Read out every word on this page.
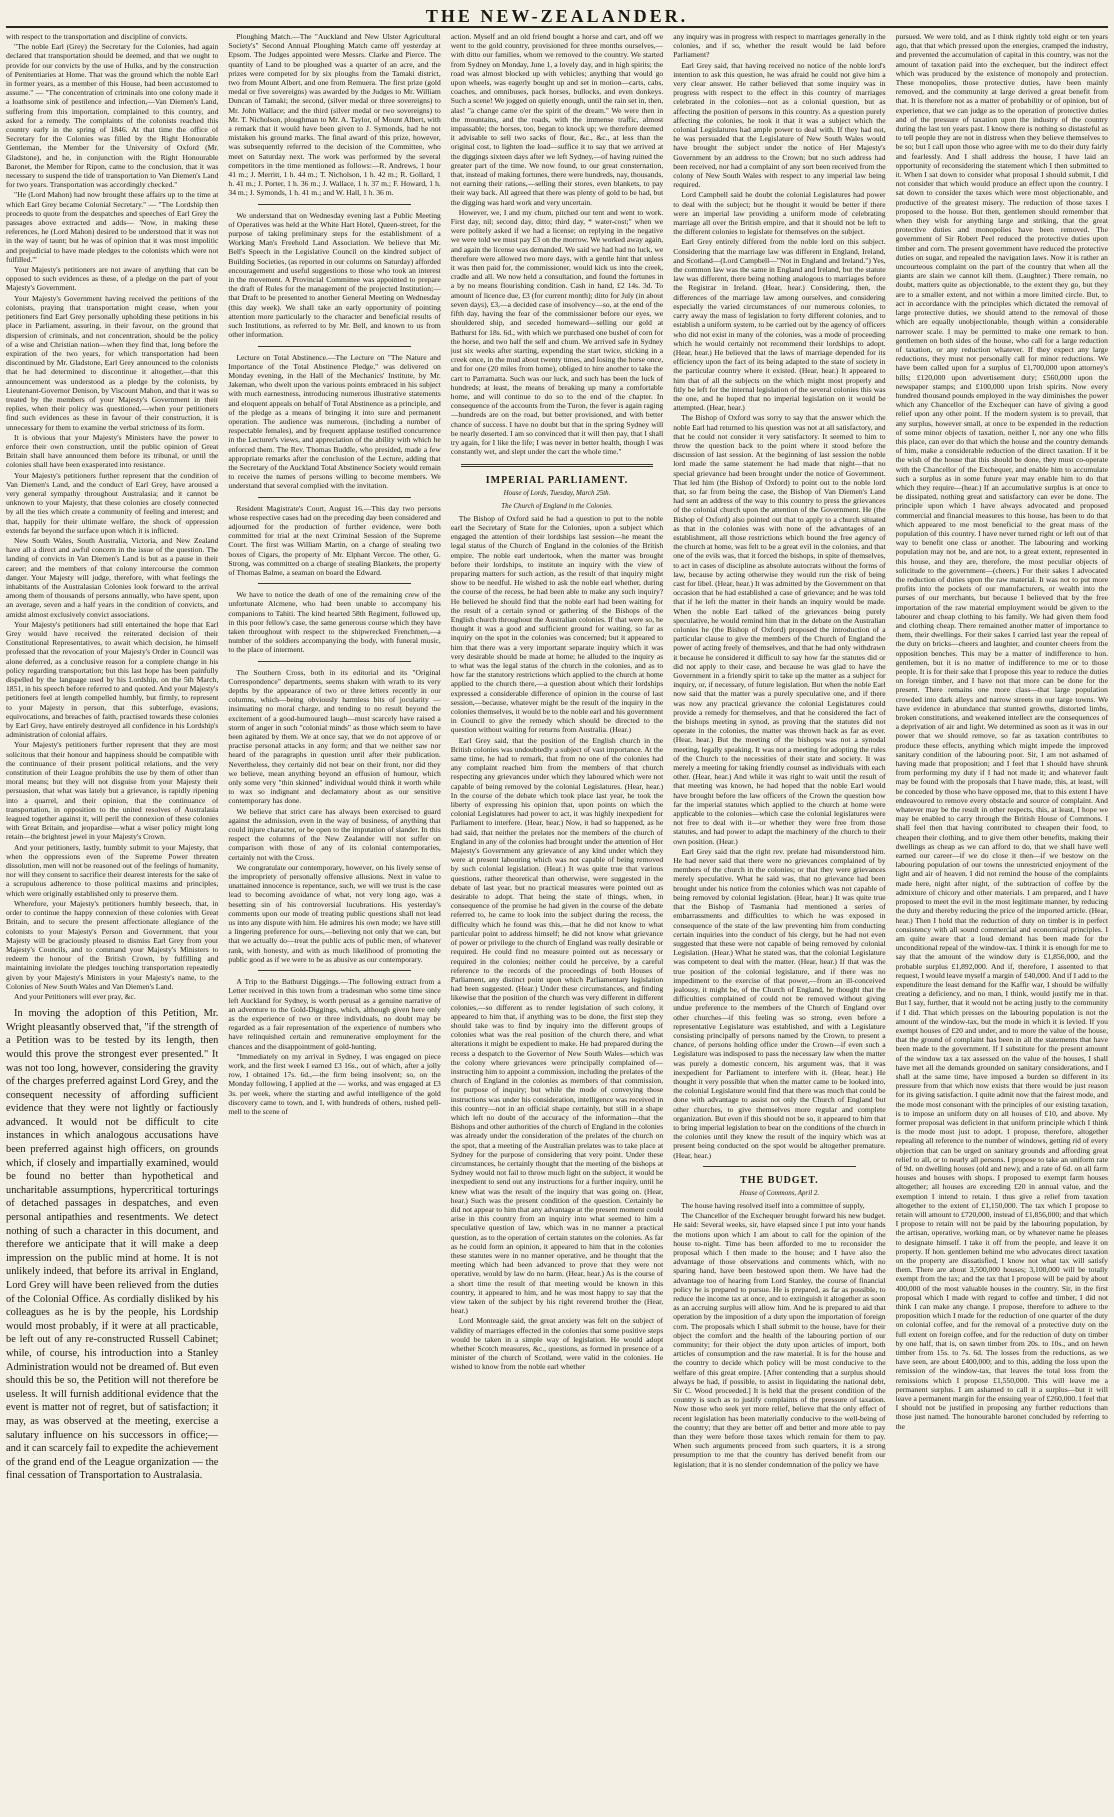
THE NEW-ZEALANDER.

with respect to the transportation and discipline of convicts.

"The noble Earl (Grey) the Secretary for the Colonies, had again declared that transportation should be deemed, and that we ought to provide for our convicts by the use of Hulks, and by the construction of Penitentiaries at Home. That was the ground which the noble Earl in former years, as a member of this House, had been accustomed to assume." — "The concentration of criminals into one colony made it a loathsome sink of pestilence and infection,—Van Diemen's Land, suffering from this importation, complained to this country, and asked for a remedy. The complaints of the colonists reached this country early in the spring of 1846. At that time the office of Secretary for the Colonies was filled by the Right Honourable Gentleman, the Member for the University of Oxford (Mr. Gladstone), and he, in conjunction with the Right Honourable Baronet, the Member for Ripon, came to the conclusion, that it was necessary to suspend the tide of transportation to Van Diemen's Land for two years. Transportation was accordingly checked."

"He (Lord Mahon) had now brought these affairs up to the time at which Earl Grey became Colonial Secretary." — "The Lordship then proceeds to quote from the despatches and speeches of Earl Grey the passages above extracted and adds— 'Now, in making these references, he (Lord Mahon) desired to be understood that it was not in the way of taunt; but he was of opinion that it was most impolitic and prejudicial to have made pledges to the colonists which were not fulfilled.'"

Your Majesty's petitioners are not aware of anything that can be opposed to such evidences as these, of a pledge on the part of your Majesty's Government.

Your Majesty's Government having received the petitions of the colonists, praying that transportation might cease, when your petitioners find Earl Grey personally upholding these petitions in his place in Parliament, assuring, in their favour, on the ground that dispersion of criminals, and not concentration, should be the policy of a wise and Christian nation—when they find that, long before the expiration of the two years, for which transportation had been discontinued by Mr. Gladstone, Earl Grey announced to the colonists that he had determined to discontinue it altogether,—that this announcement was understood as a pledge by the colonists, by Lieutenant-Governor Denison, by Viscount Mahon, and that it was so treated by the members of your Majesty's Government in their replies, when their policy was questioned,—when your petitioners find such evidences as these in favour of their construction, it is unnecessary for them to examine the verbal strictness of its form.

It is obvious that your Majesty's Ministers have the power to enforce their own construction, until the public opinion of Great Britain shall have announced them before its tribunal, or until the colonies shall have been exasperated into resistance.

Your Majesty's petitioners further represent that the condition of Van Diemen's Land, and the conduct of Earl Grey, have aroused a very general sympathy throughout Australasia; and it cannot be unknown to your Majesty, that these colonies are closely connected by all the ties which create a community of feeling and interest; and that, happily for their ultimate welfare, the shock of oppression extends far beyond the surface upon which it is inflicted.

New South Wales, South Australia, Victoria, and New Zealand have all a direct and awful concern in the issue of the question. The landing of convicts in Van Diemen's Land is but as a pause in their career; and the members of that colony intercourse the common danger. Your Majesty will judge, therefore, with what feelings the inhabitants of the Australasian Colonies look forward to the arrival among them of thousands of persons annually, who have spent, upon an average, seven and a half years in the condition of convicts, and amidst almost exclusively convict associations.

Your Majesty's petitioners had still entertained the hope that Earl Grey would have received the reiterated decision of their Constitutional Representatives, to await which decision, he himself professed that the revocation of your Majesty's Order in Council was alone deferred, as a conclusive reason for a complete change in his policy regarding transportation; but this last hope has been painfully dispelled by the language used by his Lordship, on the 5th March, 1851, in his speech before referred to and quoted. And your Majesty's petitioners feel at length compelled humbly, but firmly, to represent to your Majesty in person, that this subterfuge, evasions, equivocations, and breaches of faith, practised towards these colonies by Earl Grey, have entirely destroyed all confidence in his Lordship's administration of colonial affairs.

Your Majesty's petitioners further represent that they are most solicitous that their honour and happiness should be compatible with the continuance of their present political relations, and the very constitution of their League prohibits the use by them of other than moral means; but they will not disguise from your Majesty their persuasion, that what was lately but a grievance, is rapidly ripening into a quarrel, and their opinion, that the continuance of transportation, in opposition to the united resolves of Australasia leagued together against it, will peril the connexion of these colonies with Great Britain, and jeopardise—what a wiser policy might long retain—the brightest jewel in your Majesty's Crown.

And your petitioners, lastly, humbly submit to your Majesty, that when the oppressions even of the Supreme Power threaten dissolution, men will not be reasoned out of the feelings of humanity, nor will they consent to sacrifice their dearest interests for the sake of a scrupulous adherence to those political maxims and principles, which were originally established only to preserve them.

Wherefore, your Majesty's petitioners humbly beseech, that, in order to continue the happy connexion of these colonies with Great Britain, and to secure the present affectionate allegiance of the colonists to your Majesty's Person and Government, that your Majesty will be graciously pleased to dismiss Earl Grey from your Majesty's Councils, and to command your Majesty's Ministers to redeem the honour of the British Crown, by fulfilling and maintaining inviolate the pledges touching transportation repeatedly given by your Majesty's Ministers in your Majesty's name, to the Colonies of New South Wales and Van Diemen's Land.

And your Petitioners will ever pray, &c.

In moving the adoption of this Petition, Mr. Wright pleasantly observed that, "if the strength of a Petition was to be tested by its length, then would this prove the strongest ever presented." It was not too long, however, considering the gravity of the charges preferred against Lord Grey, and the consequent necessity of affording sufficient evidence that they were not lightly or factiously advanced. It would not be difficult to cite instances in which analogous accusations have been preferred against high officers, on grounds which, if closely and impartially examined, would be found no better than hypothetical and uncharitable assumptions, hypercritical torturings of detached passages in despatches, and even personal antipathies and resentments. We detect nothing of such a character in this document, and therefore we anticipate that it will make a deep impression on the public mind at home. It is not unlikely indeed, that before its arrival in England, Lord Grey will have been relieved from the duties of the Colonial Office. As cordially disliked by his colleagues as he is by the people, his Lordship would most probably, if it were at all practicable, be left out of any re-constructed Russell Cabinet; while, of course, his introduction into a Stanley Administration would not be dreamed of. But even should this be so, the Petition will not therefore be useless. It will furnish additional evidence that the event is matter not of regret, but of satisfaction; it may, as was observed at the meeting, exercise a salutary influence on his successors in office;—and it can scarcely fail to expedite the achievement of the grand end of the League organization — the final cessation of Transportation to Australasia.

Ploughing Match.—The "Auckland and New Ulster Agricultural Society's" Second Annual Ploughing Match came off yesterday at Epsom. The Judges appointed were Messrs. Clarke and Pierce. The quantity of Land to be ploughed was a quarter of an acre, and the prizes were competed for by six ploughs from the Tamaki district, two from Mount Albert, and one from Remuera. The first prize (gold medal or five sovereigns) was awarded by the Judges to Mr. William Duncan of Tamaki; the second, (silver medal or three sovereigns) to Mr. John Wallace; and the third (silver medal or two sovereigns) to Mr. T. Nicholson, ploughman to Mr. A. Taylor, of Mount Albert, with a remark that it would have been given to J. Symonds, had he not mistaken his ground marks. The final award of this prize, however, was subsequently referred to the decision of the Committee, who meet on Saturday next. The work was performed by the several competitors in the time mentioned as follows:—R. Andrews, 1 hour 41 m.; J. Merritt, 1 h. 44 m.; T. Nicholson, 1 h. 42 m.; R. Gollard, 1 h. 41 m.; J. Porter, 1 h. 36 m.; J. Wallace, 1 h. 37 m.; F. Howard, 1 h. 34 m.; J. Symonds, 1 h. 41 m.; and W. Hall, 1 h. 36 m.

We understand that on Wednesday evening last a Public Meeting of Operatives was held at the White Hart Hotel, Queen-street, for the purpose of taking preliminary steps for the establishment of a Working Man's Freehold Land Association. We believe that Mr. Bell's Speech in the Legislative Council on the kindred subject of Building Societies, (as reported in our columns on Saturday) afforded encouragement and useful suggestions to those who took an interest in the movement. A Provincial Committee was appointed to prepare the draft of Rules for the management of the projected Institution;—that Draft to be presented to another General Meeting on Wednesday (this day week). We shall take an early opportunity of pointing attention more particularly to the character and beneficial results of such Institutions, as referred to by Mr. Bell, and known to us from other information.

Lecture on Total Abstinence.—The Lecture on "The Nature and Importance of the Total Abstinence Pledge," was delivered on Monday evening, in the Hall of the Mechanics' Institute, by Mr. Jakeman, who dwelt upon the various points embraced in his subject with much earnestness, introducing numerous illustrative statements and eloquent appeals on behalf of Total Abstinence as a principle, and of the pledge as a means of bringing it into sure and permanent operation. The audience was numerous, (including a number of respectable females), and by frequent applause testified concurrence in the Lecturer's views, and appreciation of the ability with which he enforced them. The Rev. Thomas Buddle, who presided, made a few appropriate remarks after the conclusion of the Lecture, adding that the Secretary of the Auckland Total Abstinence Society would remain to receive the names of persons willing to become members. We understand that several complied with the invitation.

Resident Magistrate's Court, August 16.—This day two persons whose respective cases had on the preceding day been considered and adjourned for the production of further evidence, were both committed for trial at the next Criminal Session of the Supreme Court. The first was William Martin, on a charge of stealing two boxes of Cigars, the property of Mr. Elphant Vercoe. The other, G. Strong, was committed on a charge of stealing Blankets, the property of Thomas Balme, a seaman on board the Edward.

We have to notice the death of one of the remaining crew of the unfortunate Alcmene, who had been unable to accompany his companions to Tahiti. The kind hearted 58th Regiment, followed up, in this poor fellow's case, the same generous course which they have taken throughout with respect to the shipwrecked Frenchmen,—a number of the soldiers accompanying the body, with funeral music, to the place of interment.

The Southern Cross, both in its editorial and its "Original Correspondence" departments, seems shaken with wrath to its very depths by the appearance of two or three letters recently in our columns, which—being obviously harmless bits of jocularity — insinuating no moral charge, and tending to no result beyond the excitement of a good-humoured laugh—must scarcely have raised a storm of anger in such "colonial minds" as those which seem to have been agitated by them. We at once say, that we do not approve of or practise personal attacks in any form; and that we neither saw nor heard of the paragraphs in question until after their publication. Nevertheless, they certainly did not bear on their front, nor did they we believe, mean anything beyond an effusion of humour, which only some very "thin skinned" individual would think it worth while to wax so indignant and declamatory about as our sensitive contemporary has done.

We believe that strict care has always been exercised to guard against the admission, even in the way of business, of anything that could injure character, or be open to the imputation of slander. In this respect the columns of the New Zealander will not suffer on comparison with those of any of its colonial contemporaries, certainly not with the Cross.

We congratulate our contemporary, however, on his lively sense of the impropriety of personally offensive allusions. Next in value to unattained innocence is repentance, such, we will we trust is the case lead to becoming avoidance of what, not very long ago, was a besetting sin of his controversial lucubrations. His yesterday's comments upon our mode of treating public questions shall not lead us into any dispute with him. He admires his own mode; we have still a lingering preference for ours,—believing not only that we can, but that we actually do—treat the public acts of public men, of whatever rank, with honesty, and with as much likelihood of promoting the public good as if we were to be as abusive as our contemporary.

A Trip to the Bathurst Diggings.—The following extract from a Letter received in this town from a tradesman who some time since left Auckland for Sydney, is worth perusal as a genuine narrative of an adventure to the Gold-Diggings, which, although given here only as the experience of two or three individuals, no doubt may be regarded as a fair representation of the experience of numbers who have relinquished certain and remunerative employment for the chances and the disappointment of gold-hunting.

"Immediately on my arrival in Sydney, I was engaged on piece work, and the first week I earned £3 16s., out of which, after a jolly row, I obtained 17s. 6d.,—the firm being insolvent; so, on the Monday following, I applied at the — works, and was engaged at £3 3s. per week, where the starting and awful intelligence of the gold discovery came to town, and I, with hundreds of others, rushed pell-mell to the scene of

action. Myself and an old friend bought a horse and cart, and off we went to the gold country, provisioned for three months ourselves,—with ditto our families, whom we removed to the country. We started from Sydney on Monday, June 1, a lovely day, and in high spirits; the road was almost blocked up with vehicles; anything that would go upon wheels, was eagerly bought up and set in motion—carts, cabs, coaches, and omnibuses, pack horses, bullocks, and even donkeys. Such a scene! We jogged on quietly enough, until the rain set in, then, alas! "a change came o'er the spirit of the dream." We were then in the mountains, and the roads, with the immense traffic, almost impassable; the horses, too, began to knock up; we therefore deemed it advisable to sell two sacks of flour, &c., &c., at less than the original cost, to lighten the load—suffice it to say that we arrived at the diggings sixteen days after we left Sydney,—of having ruined the greater part of the time. We now found, to our great consternation, that, instead of making fortunes, there were hundreds, nay, thousands, not earning their rations,—selling their stores, even blankets, to pay their way back. All agreed that there was plenty of gold to be had, but the digging was hard work and very uncertain.

However, we, I and my chum, pitched our tent and went to work. First day, nil; second day, ditto; third day, * water-cost;" when we were politely asked if we had a license; on replying in the negative we were told we must pay £3 on the morrow. We worked away again, and again the license was demanded. We said we had had no luck, we therefore were allowed two more days, with a gentle hint that unless it was then paid for, the commissioner, would kick us into the creek, cradle and all. We now held a consultation, and found the fortunes in a by no means flourishing condition. Cash in hand, £2 14s. 3d. To amount of licence due, £3 (for current month); ditto for July (in about seven days), £3,—a decided case of insolvency—so, at the end of the fifth day, having the fear of the commissioner before our eyes, we shouldered ship, and seceded homeward—selling our gold at Bathurst for 18s. 6d., with which we purchased one bushel of corn for the horse, and two half the self and chum. We arrived safe in Sydney just six weeks after starting, expending the start twice, sticking in a creek once, in the mud about twenty times, and losing the horse once, and for one (20 miles from home), obliged to hire another to take the cart to Parramatta. Such was our luck, and such has been the luck of hundreds; at least, the means of breaking up many a comfortable home, and will continue to do so to the end of the chapter. In consequence of the accounts from the Turon, the fever is again raging—hundreds are on the road, but better provisioned, and with better chance of success. I have no doubt but that in the spring Sydney will be nearly deserted. I am so convinced that it will then pay, that I shall try again, for I like the life; I was never in better health, though I was constantly wet, and slept under the cart the whole time."

IMPERIAL PARLIAMENT.
House of Lords, Tuesday, March 25th.
The Church of England in the Colonies.

The Bishop of Oxford said he had a question to put to the noble earl the Secretary of State for the Colonies, upon a subject which engaged the attention of their lordships last session—he meant the legal status of the Church of England in the colonies of the British empire. The noble earl undertook, when the matter was brought before their lordships, to institute an inquiry with the view of preparing matters for such action, as the result of that inquiry might show to be needful. He wished to ask the noble earl whether, during the course of the recess, he had been able to make any such inquiry? He believed he should find that the noble earl had been waiting for the result of a certain synod or gathering of the Bishops of the English church throughout the Australian colonies. If that were so, he thought it was a good and sufficient ground for waiting, so far as inquiry on the spot in the colonies was concerned; but it appeared to him that there was a very important separate inquiry which it was very desirable should be made at home; he alluded to the inquiry as to what was the legal status of the church in the colonies, and as to how far the statutory restrictions which applied to the church at home applied to the church there,—a question about which their lordships expressed a considerable difference of opinion in the course of last session,—because, whatever might be the result of the inquiry in the colonies themselves, it would be to the noble earl and his government in Council to give the remedy which should be directed to the question without waiting for returns from Australia. (Hear.)

Earl Grey said, that the position of the English church in the British colonies was undoubtedly a subject of vast importance. At the same time, he had to remark, that from no one of the colonies had any complaint reached him from the members of that church respecting any grievances under which they laboured which were not capable of being removed by the colonial Legislatures. (Hear, hear.) In the course of the debate which took place last year, he took the liberty of expressing his opinion that, upon points on which the colonial Legislatures had power to act, it was highly inexpedient for Parliament to interfere. (Hear, hear.) Now, it had so happened, as he had said, that neither the prelates nor the members of the church of England in any of the colonies had brought under the attention of Her Majesty's Government any grievance of any kind under which they were at present labouring which was not capable of being removed by such colonial legislation. (Hear.) It was quite true that various questions, rather theoretical than otherwise, were suggested in the debate of last year, but no practical measures were pointed out as desirable to adopt. That being the state of things, when, in consequence of the promise he had given in the course of the debate referred to, he came to look into the subject during the recess, the difficulty which he found was this,—that he did not know to what particular point to address himself; he did not know what grievance of power or privilege to the church of England was really desirable or required. He could find no measure pointed out as necessary or required in the colonies; neither could he perceive, by a careful reference to the records of the proceedings of both Houses of Parliament, any distinct point upon which Parliamentary legislation had been suggested. (Hear.) Under these circumstances, and finding likewise that the position of the church was very different in different colonies,—so different as to render legislation of such colony, it appeared to him that, if anything was to be done, the first step they should take was to find by inquiry into the different groups of colonies what was the real position of the church there, and what alterations it might be expedient to make. He had prepared during the recess a despatch to the Governor of New South Wales—which was the colony where grievances were principally complained of—instructing him to appoint a commission, including the prelates of the church of England in the colonies as members of that commission, for purpose of inquiry; but while the mode of conveying those instructions was under his consideration, intelligence was received in this country—not in an official shape certainly, but still in a shape which left no doubt of the accuracy of the information—that the Bishops and other authorities of the church of England in the colonies was already under the consideration of the prelates of the church on the spot, that a meeting of the Australian prelates was to take place at Sydney for the purpose of considering that very point. Under these circumstances, he certainly thought that the meeting of the bishops at Sydney would not fail to throw much light on the subject, it would be inexpedient to send out any instructions for a further inquiry, until he knew what was the result of the inquiry that was going on. (Hear, hear.) Such was the present condition of the question. Certainly he did not appear to him that any advantage at the present moment could arise in this country from an inquiry into what seemed to him a speculative question of law, which was in no manner a practical question, as to the operation of certain statutes on the colonies. As far as he could form an opinion, it appeared to him that in the colonies these statutes were in no manner operative, and he thought that the meeting which had been advanced to prove that they were not operative, would by law do no harm. (Hear, hear.) As is the course of a short time the result of that meeting would be known in this country, it appeared to him, and he was most happy to say that the view taken of the subject by his right reverend brother the (Hear, hear.)

Lord Monteagle said, the great anxiety was felt on the subject of validity of marriages effected in the colonies that some positive steps would be taken in a simple way of legislation. He would adopt whether Scotch measures, &c., questions, as formed in presence of a minister of the church of Scotland, were valid in the colonies. He wished to know from the noble earl whether

any inquiry was in progress with respect to marriages generally in the colonies, and if so, whether the result would be laid before Parliament?

Earl Grey said, that having received no notice of the noble lord's intention to ask this question, he was afraid he could not give him a very clear answer. He rather believed that some inquiry was in progress with respect to the effect in this country of marriages celebrated in the colonies—not as a colonial question, but as affecting the position of persons in this country. As a question purely affecting the colonies, he took it that it was a subject which the colonial Legislatures had ample power to deal with. If they had not, he was persuaded that the Legislature of New South Wales would have brought the subject under the notice of Her Majesty's Government by an address to the Crown; but no such address had been received, nor had a complaint of any sort been received from the colony of New South Wales with respect to any imperial law being required.

Lord Campbell said he doubt the colonial Legislatures had power to deal with the subject; but he thought it would be better if there were an imperial law providing a uniform mode of celebrating marriage all over the British empire, and that it should not be left to the different colonies to legislate for themselves on the subject.

Earl Grey entirely differed from the noble lord on this subject. Considering that the marriage law was different in England, Ireland, and Scotland—(Lord Campbell—"Not in England and Ireland.") Yes, the common law was the same in England and Ireland, but the statute law was different, there being nothing analogous to marriages before the Registrar in Ireland. (Hear, hear.) Considering, then, the differences of the marriage law among ourselves, and considering especially the varied circumstances of our numerous colonies, to carry away the mass of legislation to forty different colonies, and to establish a uniform system, to be carried out by the agency of officers who did not exist in many of the colonies, was a mode of proceeding which he would certainly not recommend their lordships to adopt. (Hear, hear.) He believed that the laws of marriage depended for its efficiency upon the fact of its being adapted to the state of society in the particular country where it existed. (Hear, hear.) It appeared to him that of all the subjects on the which might most properly and fitly be left for the internal legislation of the several colonies this was the one, and he hoped that no imperial legislation on it would be attempted. (Hear, hear.)

The Bishop of Oxford was sorry to say that the answer which the noble Earl had returned to his question was not at all satisfactory, and that he could not consider it very satisfactory. It seemed to him to throw the question back to the point where it stood before the discussion of last session. At the beginning of last session the noble lord made the same statement he had made that night—that no special grievance had been brought under the notice of Government. That led him (the Bishop of Oxford) to point out to the noble lord that, so far from being the case, the Bishop of Van Diemen's Land had sent an address of the way to this country to press the grievances of the colonial church upon the attention of the Government. He (the Bishop of Oxford) also pointed out that to apply to a church situated as that in the colonies was with none of the advantages of an establishment, all those restrictions which bound the free agency of the church at home, was felt to be a great evil in the colonies, and that one of the evils was, that it forced the bishops, in spite of themselves, to act in cases of discipline as absolute autocrats without the forms of law, because by acting otherwise they would run the risk of being cast for libel. (Hear, hear.) It was admitted by the Government on that occasion that he had established a case of grievance; and he was told that if he left the matter in their hands an inquiry would be made. When the noble Earl talked of the grievances being purely speculative, he would remind him that in the debate on the Australian colonies he (the Bishop of Oxford) proposed the introduction of a particular clause to give the members of the Church of England the power of acting freely of themselves, and that he had only withdrawn it because he considered it difficult to say how far the statutes did or did not apply to their case, and because he was glad to have the Government in a friendly spirit to take up the matter as a subject for inquiry, or, if necessary, of future legislation. But when the noble Earl now said that the matter was a purely speculative one, and if there was now any practical grievance the colonial Legislatures could provide a remedy for themselves, and that he considered the fact of the bishops meeting in synod, as proving that the statutes did not operate in the colonies, the matter was thrown back as far as ever. (Hear, hear.) But the meeting of the bishops was not a synodal meeting, legally speaking. It was not a meeting for adopting the rules of the Church to the necessities of their state and society. It was merely a meeting for taking friendly counsel as individuals with each other. (Hear, hear.) And while it was right to wait until the result of that meeting was known, he had hoped that the noble Earl would have brought before the law officers of the Crown the question how far the imperial statutes which applied to the church at home were applicable to the colonies—which case the colonial legislatures were not free to deal with it—or whether they were free from those statutes, and had power to adapt the machinery of the church to their own position. (Hear.)

Earl Grey said that the right rev. prelate had misunderstood him. He had never said that there were no grievances complained of by members of the church in the colonies; or that they were grievances merely speculative. What he said was, that no grievance had been brought under his notice from the colonies which was not capable of being removed by colonial legislation. (Hear, hear.) It was quite true that the Bishop of Tasmania had mentioned a series of embarrassments and difficulties to which he was exposed in consequence of the state of the law preventing him from conducting certain inquiries into the conduct of his clergy, but he had not even suggested that these were not capable of being removed by colonial Legislation. (Hear.) What he stated was, that the colonial Legislature was competent to deal with the matter. (Hear, hear.) If that was the true position of the colonial legislature, and if there was no impediment to the exercise of that power,—from an ill-conceived jealousy, it might be, of the Church of England, he thought that the difficulties complained of could not be removed without giving undue preference to the members of the Church of England over other churches—if this feeling was so strong, even before a representative Legislature was established, and with a Legislature consisting principally of persons named by the Crown, to present a chance, of persons holding office under the Crown—if even such a Legislature was indisposed to pass the necessary law when the matter was purely a domestic concern, his argument was, that it was inexpedient for Parliament to interfere with it. (Hear, hear.) He thought it very possible that when the matter came to be looked into, the colonial Legislature would find that there was much that could be done with advantage to assist not only the Church of England but other churches, to give themselves more regular and complete organization. But even if this should not be so, it appeared to him that to bring imperial legislation to bear on the conditions of the church in the colonies until they knew the result of the inquiry which was at present being conducted on the spot would be altogether premature. (Hear, hear.)

THE BUDGET.
House of Commons, April 2.

The house having resolved itself into a committee of supply,

The Chancellor of the Exchequer brought forward his new budget. He said: Several weeks, sir, have elapsed since I put into your hands the motions upon which I am about to call for the opinion of the house to-night. Time has been afforded to me to reconsider the proposal which I then made to the house; and I have also the advantage of those observations and comments which, with no sparing hand, have been bestowed upon them. We have had the advantage too of hearing from Lord Stanley, the course of financial policy he is prepared to pursue. He is prepared, as far as possible, to reduce the income tax at once, and to extinguish it altogether as soon as an accruing surplus will allow him. And he is prepared to aid that operation by the imposition of a duty upon the importation of foreign corn. The proposals which I shall submit to the house, have for their object the comfort and the health of the labouring portion of our community; for their object the duty upon articles of import, both articles of consumption and the raw material. It is for the house and the country to decide which policy will be most conducive to the welfare of this great empire. [After contending that a surplus should always be had, if possible, to assist in liquidating the national debt, Sir C. Wood proceeded.] It is held that the present condition of the country is such as to justify complaints of the pressure of taxation. Now those who seek yet more relief, believe that the only effect of recent legislation has been materially conducive to the well-being of the country; that they are better off and better and more able to pay than they were before those taxes which remain for them to pay. When such arguments proceed from such quarters, it is a strong presumption to me that the country has derived benefit from our legislation; that it is no slender condemnation of the policy we have

pursued. We were told, and as I think rightly told eight or ten years ago, that that which pressed upon the energies, cramped the industry, and prevented the accumulation of capital in this country, was not the amount of taxation paid into the exchequer, but the indirect effect which was produced by the existence of monopoly and protection. These monopolies, those protective duties, have been mainly removed, and the community at large derived a great benefit from that. It is therefore not as a matter of probability or of opinion, but of experience, that we can judge as to the operation of protective duties and of the pressure of taxation upon the industry of the country during the last ten years past. I know there is nothing so distasteful as to tell people they are not in distress when they believe themselves to be so; but I call upon those who agree with me to do their duty fairly and fearlessly. And I shall address the house, I have laid an opportunity of reconsidering the statement which I then submitted to it. When I sat down to consider what proposal I should submit, I did not consider that which would produce an effect upon the country. I sat down to consider the taxes which were most objectionable, and productive of the greatest misery. The reduction of those taxes I proposed to the house. But then, gentlemen should remember that when they wish for anything large and striking, that the great protective duties and monopolies have been removed. The government of Sir Robert Peel reduced the protective duties upon timber and corn. The present government have reduced the protective duties on sugar, and repealed the navigation laws. Now it is rather an uncourteous complaint on the part of the country that when all the giants are slain we cannot kill them. (Laughter.) There remain, no doubt, matters quite as objectionable, to the extent they go, but they are to a smaller extent, and not within a more limited circle. But, to act in accordance with the principles which dictated the removal of large protective duties, we should attend to the removal of those which are equally unobjectionable, though within a considerable narrower scale. I may be permitted to make one remark to hon. gentlemen on both sides of the house, who call for a large reduction of taxation, or any reduction whatever. If they expect any large reductions, they must not personally call for minor reductions. We have been called upon for a surplus of £1,700,000 upon attorney's bills; £120,000 upon advertisement duty; £560,000 upon the newspaper stamps; and £100,000 upon Irish spirits. Now every hundred thousand pounds employed in the way diminishes the power which any Chancellor of the Exchequer can have of giving a good relief upon any other point. If the modern system is to prevail, that any surplus, however small, at once to be expended in the reduction of some minor objects of taxation, neither I, nor any one who fills this place, can ever do that which the house and the country demands of him, make a considerable reduction of the direct taxation. If it be the wish of the house that this should be done, they must co-operate with the Chancellor of the Exchequer, and enable him to accumulate such a surplus as in some future year may enable him to do that which they require—(hear.) If an accumulative surplus is at once to be dissipated, nothing great and satisfactory can ever be done. The principle upon which I have always advocated and proposed commercial and financial measures to this house, has been to do that which appeared to me most beneficial to the great mass of the population of this country. I have never turned right or left out of that way to benefit one class or another. The labouring and working population may not be, and are not, to a great extent, represented in this house, and they are, therefore, the most peculiar objects of solicitude to the government—(cheers.) For their sakes I advocated the reduction of duties upon the raw material. It was not to put more profits into the pockets of our manufacturers, or wealth into the purses of our merchants, but because I believed that by the free importation of the raw material employment would be given to the labourer and cheap clothing to his family. We had given them food and clothing cheap. There remained another matter of importance to them, their dwellings. For their sakes I carried last year the repeal of the duty on bricks—cheers and laughter, and counter cheers from the opposition benches. This may be a matter of indifference to hon. gentlemen, but it is no matter of indifference to me or to those people. It is for their sake that I propose this year to reduce the duties on foreign timber, and I have not that more can be done for the present. There remains one more class—that large population crowded into dark alleys and narrow streets in our large towns. We have evidence in abundance that stunted growths, distorted limbs, broken constitutions, and weakened intellect are the consequences of a deprivation of air and light. We determined as soon as it was in our power that we should remove, so far as taxation contributes to produce these effects, anything which might impede the improved sanitary condition of the labouring poor. Sir, I am not ashamed of having made that proposition; and I feel that I should have shrunk from performing my duty if I had not made it; and whatever fault may be found with the proposals that I have made, this, at least, will be conceded by those who have opposed me, that to this extent I have endeavoured to remove every obstacle and source of complaint. And whatever may be the result in other respects, this, at least, I hope we may be enabled to carry through the British House of Commons. I shall feel then that having contributed to cheapen their food, to cheapen their clothing, and to give them other benefits, making their dwellings as cheap as we can afford to do, that we shall have well earned our career—if we do close it then—if we bestow on the labouring population of our towns the unrestricted enjoyment of the light and air of heaven. I did not remind the house of the complaints made here, night after night, of the subtraction of coffee by the admixture of chicory and other materials. I am prepared, and I have proposed to meet the evil in the most legitimate manner, by reducing the duty and thereby reducing the price of the imported article. (Hear, hear.) Then I hold that the reduction of duty on timber is in perfect consistency with all sound commercial and economical principles. I am quite aware that a loud demand has been made for the unconditional repeal of the window-tax. I think it is enough for me to say that the amount of the window duty is £1,856,000, and the probable surplus £1,892,000. And if, therefore, I assented to that request, I would leave myself a margin of £40,000. And if I add to the expenditure the least demand for the Kaffir war, I should be wilfully creating a deficiency, and no man, I think, would justify me in that. But I say, further, that it would not be acting justly to the community if I did. That which presses on the labouring population is not the amount of the window-tax, but the mode in which it is levied. If you exempt houses of £20 and under, and to more the value of the house, that the ground of complaint has been in all the statements that have been made to the government. If I substitute for the present amount of the window tax a tax assessed on the value of the houses, I shall have met all the demands grounded on sanitary considerations, and I shall at the same time, have imposed a burden so different in its pressure from that which now exists that there would be just reason for its giving satisfaction. I quite admit now that the fairest mode, and the mode most consonant with the principles of our existing taxation, is to impose an uniform duty on all houses of £10, and above. My former proposal was deficient in that uniform principle which I think is the mode most just to adopt. I propose, therefore, altogether repealing all reference to the number of windows, getting rid of every objection that can be urged on sanitary grounds and affording great relief to all, or to nearly all persons. I propose to take an uniform rate of 9d. on dwelling houses (old and new); and a rate of 6d. on all farm houses and houses with shops. I proposed to exempt farm houses altogether; all houses are exceeding £20 in annual value, and the exemption I intend to retain. I thus give a relief from taxation altogether to the extent of £1,150,000. The tax which I propose to retain will amount to £720,000, instead of £1,856,000; and that which I propose to retain will not be paid by the labouring population, by the artisan, operative, working man, or by whatever name he pleases to designate himself. I take it off from the people, and leave it on property. If hon. gentlemen behind me who advocates direct taxation on the property are dissatisfied, I know not what tax will satisfy them. There are about 3,500,000 houses; 3,100,000 will be totally exempt from the tax; and the tax that I propose will be paid by about 400,000 of the most valuable houses in the country. Sir, in the first proposal which I made with regard to coffee and timber, I did not think I can make any change. I propose, therefore to adhere to the proposition which I made for the reduction of one quarter of the duty on colonial coffee, and for the removal of a protective duty on the full extent on foreign coffee, and for the reduction of duty on timber by one half, that is, on sawn timber from 20s. to 10s., and on hewn timber from 15s. to 7s. 6d. The losses from the reductions, as we have seen, are about £400,000; and to this, adding the loss upon the remission of the window-tax, that leaves the total loss from the remissions which I propose £1,550,000. This will leave me a permanent surplus. I am ashamed to call it a surplus—but it will leave a permanent margin for the ensuing year of £260,000. I feel that I should not be justified in proposing any further reductions than those just named. The honourable baronet concluded by referring to the
